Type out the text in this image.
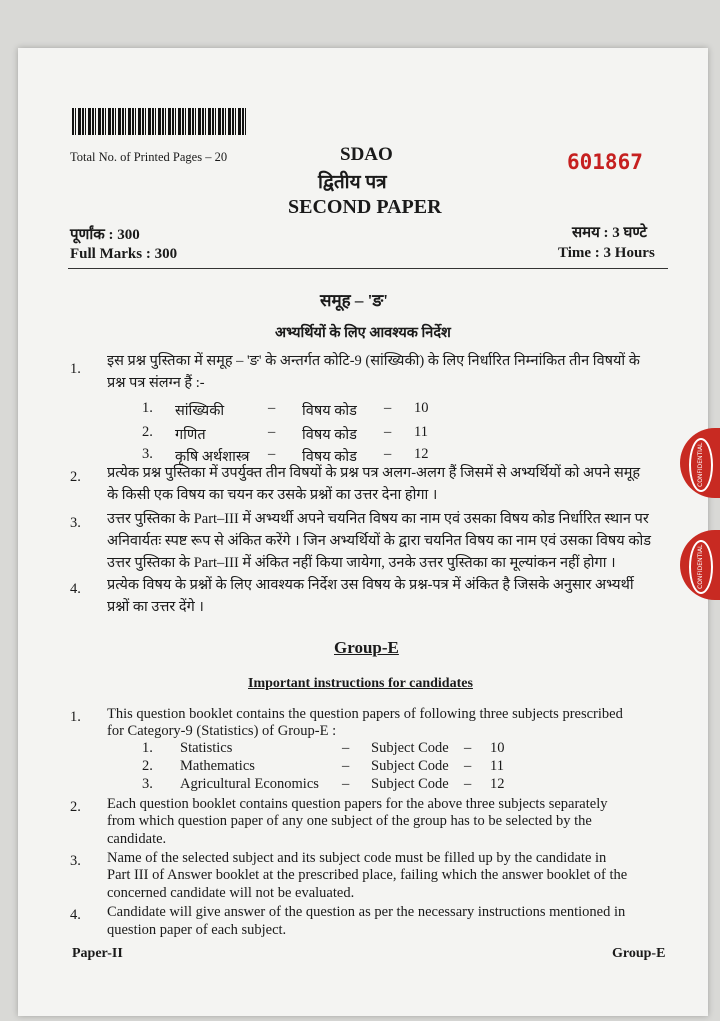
Total No. of Printed Pages – 20	SDAO	601867
द्वितीय पत्र
SECOND PAPER
पूर्णांक : 300	समय : 3 घण्टे
Full Marks : 300	Time : 3 Hours
समूह – 'ङ'
अभ्यर्थियों के लिए आवश्यक निर्देश
1. इस प्रश्न पुस्तिका में समूह – 'ङ' के अन्तर्गत कोटि-9 (सांख्यिकी) के लिए निर्धारित निम्नांकित तीन विषयों के
प्रश्न पत्र संलग्न हैं :-
1. सांख्यिकी	– विषय कोड – 10
2. गणित	– विषय कोड – 11
3. कृषि अर्थशास्त्र – विषय कोड – 12
2. प्रत्येक प्रश्न पुस्तिका में उपर्युक्त तीन विषयों के प्रश्न पत्र अलग-अलग हैं जिसमें से अभ्यर्थियों को अपने समूह
के किसी एक विषय का चयन कर उसके प्रश्नों का उत्तर देना होगा ।
3. उत्तर पुस्तिका के Part–III में अभ्यर्थी अपने चयनित विषय का नाम एवं उसका विषय कोड निर्धारित स्थान पर
अनिवार्यतः स्पष्ट रूप से अंकित करेंगे । जिन अभ्यर्थियों के द्वारा चयनित विषय का नाम एवं उसका विषय कोड
उत्तर पुस्तिका के Part–III में अंकित नहीं किया जायेगा, उनके उत्तर पुस्तिका का मूल्यांकन नहीं होगा ।
4. प्रत्येक विषय के प्रश्नों के लिए आवश्यक निर्देश उस विषय के प्रश्न-पत्र में अंकित है जिसके अनुसार अभ्यर्थी
प्रश्नों का उत्तर देंगे ।
Group-E
Important instructions for candidates
1. This question booklet contains the question papers of following three subjects prescribed
for Category-9 (Statistics) of Group-E :
1. Statistics	– Subject Code – 10
2. Mathematics	– Subject Code – 11
3. Agricultural Economics – Subject Code – 12
2. Each question booklet contains question papers for the above three subjects separately
from which question paper of any one subject of the group has to be selected by the
candidate.
3. Name of the selected subject and its subject code must be filled up by the candidate in
Part III of Answer booklet at the prescribed place, failing which the answer booklet of the
concerned candidate will not be evaluated.
4. Candidate will give answer of the question as per the necessary instructions mentioned in
question paper of each subject.
Paper-II	Group-E
CONFIDENTIAL
CONFIDENTIAL
